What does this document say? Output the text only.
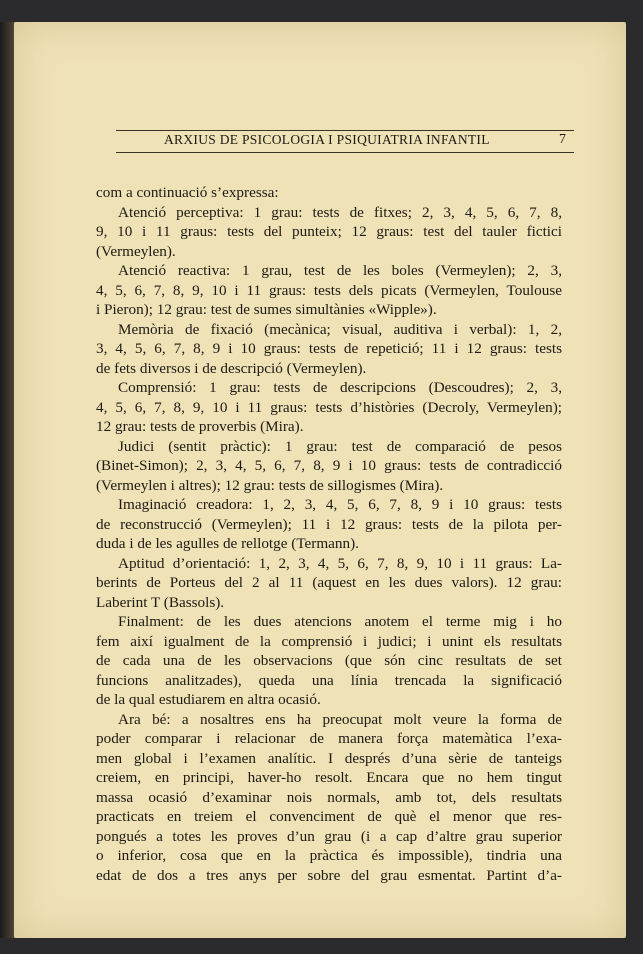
ARXIUS DE PSICOLOGIA I PSIQUIATRIA INFANTIL	7
com a continuació s’expressa:
Atenció perceptiva: 1 grau: tests de fitxes; 2, 3, 4, 5, 6, 7, 8,
9, 10 i 11 graus: tests del punteix; 12 graus: test del tauler fictici
(Vermeylen).
Atenció reactiva: 1 grau, test de les boles (Vermeylen); 2, 3,
4, 5, 6, 7, 8, 9, 10 i 11 graus: tests dels picats (Vermeylen, Toulouse
i Pieron); 12 grau: test de sumes simultànies «Wipple»).
Memòria de fixació (mecànica; visual, auditiva i verbal): 1, 2,
3, 4, 5, 6, 7, 8, 9 i 10 graus: tests de repetició; 11 i 12 graus: tests
de fets diversos i de descripció (Vermeylen).
Comprensió: 1 grau: tests de descripcions (Descoudres); 2, 3,
4, 5, 6, 7, 8, 9, 10 i 11 graus: tests d’històries (Decroly, Vermeylen);
12 grau: tests de proverbis (Mira).
Judici (sentit pràctic): 1 grau: test de comparació de pesos
(Binet-Simon); 2, 3, 4, 5, 6, 7, 8, 9 i 10 graus: tests de contradicció
(Vermeylen i altres); 12 grau: tests de sillogismes (Mira).
Imaginació creadora: 1, 2, 3, 4, 5, 6, 7, 8, 9 i 10 graus: tests
de reconstrucció (Vermeylen); 11 i 12 graus: tests de la pilota per-
duda i de les agulles de rellotge (Termann).
Aptitud d’orientació: 1, 2, 3, 4, 5, 6, 7, 8, 9, 10 i 11 graus: La-
berints de Porteus del 2 al 11 (aquest en les dues valors). 12 grau:
Laberint T (Bassols).
Finalment: de les dues atencions anotem el terme mig i ho
fem així igualment de la comprensió i judici; i unint els resultats
de cada una de les observacions (que són cinc resultats de set
funcions analitzades), queda una línia trencada la significació
de la qual estudiarem en altra ocasió.
Ara bé: a nosaltres ens ha preocupat molt veure la forma de
poder comparar i relacionar de manera força matemàtica l’exa-
men global i l’examen analític. I després d’una sèrie de tanteigs
creiem, en principi, haver-ho resolt. Encara que no hem tingut
massa ocasió d’examinar nois normals, amb tot, dels resultats
practicats en treiem el convenciment de què el menor que res-
pongués a totes les proves d’un grau (i a cap d’altre grau superior
o inferior, cosa que en la pràctica és impossible), tindria una
edat de dos a tres anys per sobre del grau esmentat. Partint d’a-
